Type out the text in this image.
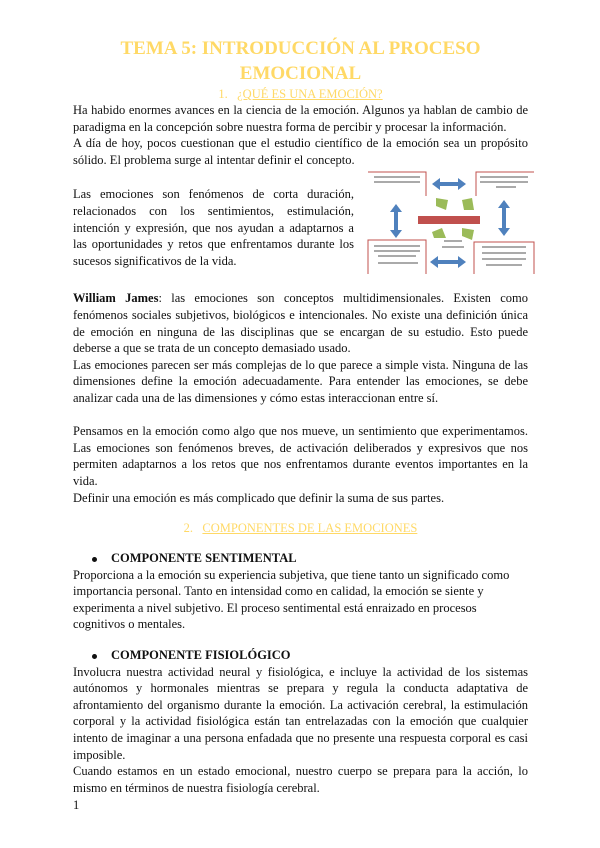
TEMA 5: INTRODUCCIÓN AL PROCESO
EMOCIONAL
1. ¿QUÉ ES UNA EMOCIÓN?

Ha habido enormes avances en la ciencia de la emoción. Algunos ya hablan de cambio de paradigma en la concepción sobre nuestra forma de percibir y procesar la información.

A día de hoy, pocos cuestionan que el estudio científico de la emoción sea un propósito sólido. El problema surge al intentar definir el concepto.

Las emociones son fenómenos de corta duración, relacionados con los sentimientos, estimulación, intención y expresión, que nos ayudan a adaptarnos a las oportunidades y retos que enfrentamos durante los sucesos significativos de la vida.

William James: las emociones son conceptos multidimensionales. Existen como fenómenos sociales subjetivos, biológicos e intencionales. No existe una definición única de emoción en ninguna de las disciplinas que se encargan de su estudio. Esto puede deberse a que se trata de un concepto demasiado usado.

Las emociones parecen ser más complejas de lo que parece a simple vista. Ninguna de las dimensiones define la emoción adecuadamente. Para entender las emociones, se debe analizar cada una de las dimensiones y cómo estas interaccionan entre sí.

Pensamos en la emoción como algo que nos mueve, un sentimiento que experimentamos. Las emociones son fenómenos breves, de activación deliberados y expresivos que nos permiten adaptarnos a los retos que nos enfrentamos durante eventos importantes en la vida.

Definir una emoción es más complicado que definir la suma de sus partes.

2. COMPONENTES DE LAS EMOCIONES
COMPONENTE SENTIMENTAL

Proporciona a la emoción su experiencia subjetiva, que tiene tanto un significado como importancia personal. Tanto en intensidad como en calidad, la emoción se siente y experimenta a nivel subjetivo. El proceso sentimental está enraizado en procesos cognitivos o mentales.

COMPONENTE FISIOLÓGICO

Involucra nuestra actividad neural y fisiológica, e incluye la actividad de los sistemas autónomos y hormonales mientras se prepara y regula la conducta adaptativa de afrontamiento del organismo durante la emoción. La activación cerebral, la estimulación corporal y la actividad fisiológica están tan entrelazadas con la emoción que cualquier intento de imaginar a una persona enfadada que no presente una respuesta corporal es casi imposible.

Cuando estamos en un estado emocional, nuestro cuerpo se prepara para la acción, lo mismo en términos de nuestra fisiología cerebral.

1
